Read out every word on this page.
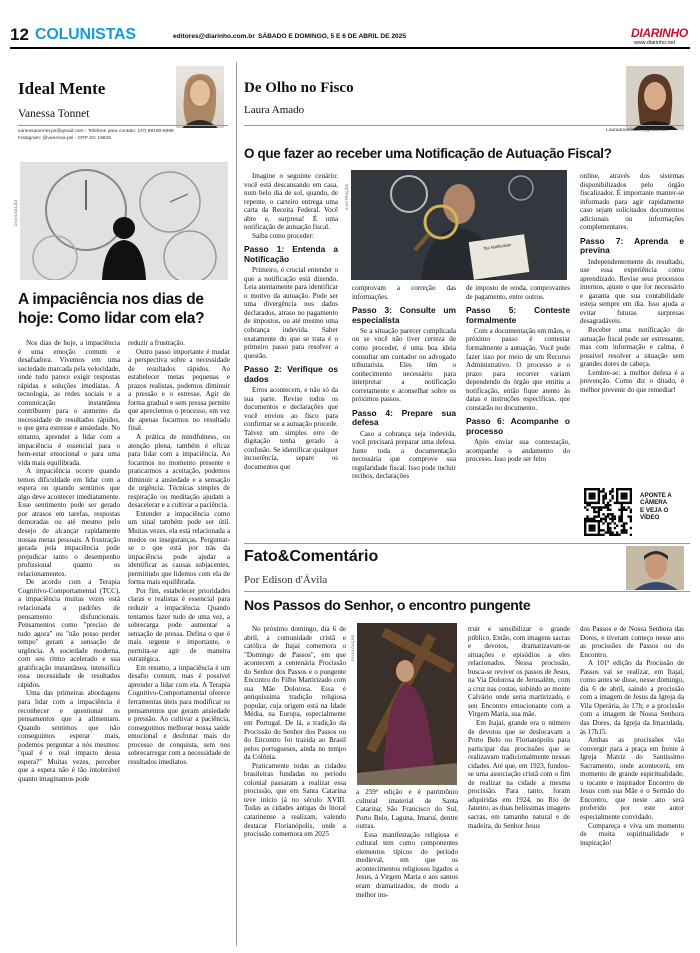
12 COLUNISTAS	editores@diarinho.com.br SÁBADO E DOMINGO, 5 E 6 DE ABRIL DE 2025	DIARINHO
www.diarinho.net
Ideal Mente
Vanessa Tonnet
vanessatonnet.ps@gmail.com - Telefone para contato: (47) 99190-6989
Instagram: @vanessa.psi - CRP SC 19625
DIVULGAÇÃO
A impaciência nos dias de hoje: Como lidar com ela?

Nos dias de hoje, a impaciência é uma emoção comum e desafiadora. Vivemos em uma sociedade marcada pela velocidade, onde tudo parece exigir respostas rápidas e soluções imediatas. A tecnologia, as redes sociais e a comunicação instantânea contribuem para o aumento da necessidade de resultados rápidos, o que gera estresse e ansiedade. No entanto, aprender a lidar com a impaciência é essencial para o bem-estar emocional e para uma vida mais equilibrada.

A impaciência ocorre quando temos dificuldade em lidar com a espera ou quando sentimos que algo deve acontecer imediatamente. Esse sentimento pode ser gerado por atrasos em tarefas, respostas demoradas ou até mesmo pelo desejo de alcançar rapidamente nossas metas pessoais. A frustração gerada pela impaciência pode prejudicar tanto o desempenho profissional quanto os relacionamentos.

De acordo com a Terapia Cognitivo-Comportamental (TCC), a impaciência muitas vezes está relacionada a padrões de pensamento disfuncionais. Pensamentos como "preciso de tudo agora" ou "não posso perder tempo" geram a sensação de urgência. A sociedade moderna, com seu ritmo acelerado e sua gratificação instantânea, intensifica essa necessidade de resultados rápidos.

Uma das primeiras abordagens para lidar com a impaciência é reconhecer e questionar os pensamentos que a alimentam. Quando sentimos que não conseguimos esperar mais, podemos perguntar a nós mesmos: "qual é o real impacto dessa espera?" Muitas vezes, perceber que a espera não é tão intolerável quanto imaginamos pode

reduzir a frustração.

Outro passo importante é mudar a perspectiva sobre a necessidade de resultados rápidos. Ao estabelecer metas pequenas e prazos realistas, podemos diminuir a pressão e o estresse. Agir de forma gradual e sem pressa permite que apreciemos o processo, em vez de apenas focarmos no resultado final.

A prática de mindfulness, ou atenção plena, também é eficaz para lidar com a impaciência. Ao focarmos no momento presente e praticarmos a aceitação, podemos diminuir a ansiedade e a sensação de urgência. Técnicas simples de respiração ou meditação ajudam a desacelerar e a cultivar a paciência.

Entender a impaciência como um sinal também pode ser útil. Muitas vezes, ela está relacionada a medos ou inseguranças. Perguntar-se o que está por trás da impaciência pode ajudar a identificar as causas subjacentes, permitindo que lidemos com ela de forma mais equilibrada.

Por fim, estabelecer prioridades claras e realistas é essencial para reduzir a impaciência. Quando tentamos fazer tudo de uma vez, a sobrecarga pode aumentar a sensação de pressa. Defina o que é mais urgente e importante, e permita-se agir de maneira estratégica.

Em resumo, a impaciência é um desafio comum, mas é possível aprender a lidar com ela. A Terapia Cognitivo-Comportamental oferece ferramentas úteis para modificar os pensamentos que geram ansiedade e pressão. Ao cultivar a paciência, conseguimos melhorar nossa saúde emocional e desfrutar mais do processo de conquista, sem nos sobrecarregar com a necessidade de resultados imediatos.

De Olho no Fisco
Laura Amado
Lauraamadoadv@gmail.com
O que fazer ao receber uma Notificação de Autuação Fiscal?

Imagine o seguinte cenário: você está descansando em casa, num belo dia de sol, quando, de repente, o carteiro entrega uma carta da Receita Federal. Você abre e, surpresa! É uma notificação de autuação fiscal.

Saiba como proceder:

Passo 1: Entenda a Notificação

Primeiro, é crucial entender o que a notificação está dizendo. Leia atentamente para identificar o motivo da autuação. Pode ser uma divergência nos dados declarados, atraso no pagamento de impostos, ou até mesmo uma cobrança indevida. Saber exatamente do que se trata é o primeiro passo para resolver a questão.

Passo 2: Verifique os dados

Erros acontecem, e não só da sua parte. Revise todos os documentos e declarações que você enviou ao fisco para confirmar se a autuação procede. Talvez um simples erro de digitação tenha gerado a confusão. Se identificar qualquer incoerência, separe os documentos que

ILUSTRAÇÃO
Tax Notification

comprovam a correção das informações.

Passo 3: Consulte um especialista

Se a situação parecer complicada ou se você não tiver certeza de como proceder, é uma boa ideia consultar um contador ou advogado tributarista. Eles têm o conhecimento necessário para interpretar a notificação corretamente e aconselhar sobre os próximos passos.

Passo 4: Prepare sua defesa

Caso a cobrança seja indevida, você precisará preparar uma defesa. Junte toda a documentação necessária que comprove sua regularidade fiscal. Isso pode incluir recibos, declarações

de imposto de renda, comprovantes de pagamento, entre outros.

Passo 5: Conteste formalmente

Com a documentação em mãos, o próximo passo é contestar formalmente a autuação. Você pode fazer isso por meio de um Recurso Administrativo. O processo e o prazo para recorrer variam dependendo do órgão que emitiu a notificação, então fique atento às datas e instruções específicas, que constarão no documento.

Passo 6: Acompanhe o processo

Após enviar sua contestação, acompanhe o andamento do processo. Isso pode ser feito

online, através dos sistemas disponibilizados pelo órgão fiscalizador. É importante manter-se informado para agir rapidamente caso sejam solicitados documentos adicionais ou informações complementares.

Passo 7: Aprenda e previna

Independentemente do resultado, use essa experiência como aprendizado. Revise seus processos internos, ajuste o que for necessário e garanta que sua contabilidade esteja sempre em dia. Isso ajuda a evitar futuras surpresas desagradáveis.

Receber uma notificação de autuação fiscal pode ser estressante, mas com informação e calma, é possível resolver a situação sem grandes dores de cabeça.

Lembre-se: a melhor defesa é a prevenção. Como diz o ditado, é melhor prevenir do que remediar!

APONTE A
CÂMERA
E VEJA O
VÍDEO
Fato&Comentário
Por Edison d'Ávila
Nos Passos do Senhor, o encontro pungente

No próximo domingo, dia 6 de abril, a comunidade cristã e católica de Itajaí comemora o "Domingo de Passos", em que acontecem a centenária Procissão do Senhor dos Passos e o pungente Encontro do Filho Martirizado com sua Mãe Dolorosa. Essa é antiquíssima tradição religiosa popular, cuja origem está na Idade Média, na Europa, especialmente em Portugal. De lá, a tradição da Procissão do Senhor dos Passos ou do Encontro foi trazida ao Brasil pelos portugueses, ainda no tempo da Colônia.

Praticamente todas as cidades brasileiras fundadas no período colonial passaram a realizar essa procissão, que em Santa Catarina teve início já no século XVIII. Todas as cidades antigas do litoral catarinense a realizam, valendo destacar Florianópolis, onde a procissão comemora em 2025

DIVULGAÇÃO

a 259ª edição e é patrimônio cultural imaterial de Santa Catarina; São Francisco do Sul, Porto Belo, Laguna, Imaruí, dentre outras.

Essa manifestação religiosa e cultural tem como componentes elementos típicos do período medieval, em que os acontecimentos religiosos ligados a Jesus, à Virgem Maria e aos santos eram dramatizados, de modo a melhor ins-

truir e sensibilizar o grande público. Então, com imagens sacras e devotos, dramatizavam-se situações e episódios a eles relacionados. Nessa procissão, busca-se reviver os passos de Jesus, na Via Dolorosa de Jerusalém, com a cruz nas costas, subindo ao monte Calvário onde seria martirizado, e seu Encontro emocionante com a Virgem Maria, sua mãe.

Em Itajaí, grande era o número de devotos que se deslocavam a Porto Belo ou Florianópolis para participar das procissões que se realizavam tradicionalmente nessas cidades. Até que, em 1923, fundou-se uma associação cristã com o fim de realizar na cidade a mesma procissão. Para tanto, foram adquiridas em 1924, no Rio de Janeiro, as duas belíssimas imagens sacras, em tamanho natural e de madeira, do Senhor Jesus

dos Passos e de Nossa Senhora das Dores, e tiveram começo nesse ano as procissões de Passos ou do Encontro.

A 101ª edição da Procissão de Passos vai se realizar, em Itajaí, como antes se disse, nesse domingo, dia 6 de abril, saindo a procissão com a imagem de Jesus da Igreja da Vila Operária, às 17h; e a procissão com a imagem de Nossa Senhora das Dores, da Igreja da Imaculada, às 17h15.

Ambas as procissões vão convergir para a praça em frente à Igreja Matriz do Santíssimo Sacramento, onde acontecerá, em momento de grande espiritualidade, o tocante e inspirador Encontro de Jesus com sua Mãe e o Sermão do Encontro, que neste ano será proferido por este autor especialmente convidado.

Compareça e viva um momento de muita espiritualidade e inspiração!
